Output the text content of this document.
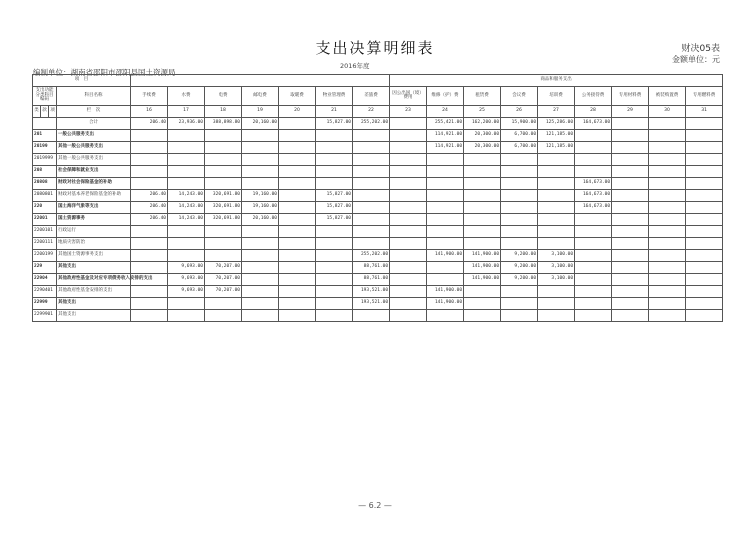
支出决算明细表	财决05表
金额单位：元
编制单位：湖南省邵阳市邵阳县国土资源局
2016年度
项　目											商品和服务支出								
支出功能分类科目编码			科目名称	手续费	水费	电费	邮电费	取暖费	物业管理费	差旅费	因公出国（境）费用	维修（护）费	租赁费	会议费	培训费	公务接待费	专用材料费	被装购置费	专用燃料费
类	款	项	栏　次	16	17	18	19	20	21	22	23	24	25	26	27	28	29	30	31
			合计	206.40	23,936.00	388,898.80	20,160.00		15,827.00	255,202.00		255,421.00	162,200.00	15,900.00	125,286.00	164,673.00			
201			一般公共服务支出									114,921.00	20,300.00	6,700.00	121,185.00				
20199			其他一般公共服务支出									114,921.00	20,300.00	6,700.00	121,185.00				
2019999			其他一般公共服务支出																
208			社会保障和就业支出																
20808			财政对社会保险基金的补助													164,673.00			
2080801			财政对基本养老保险基金的补助	206.40	14,243.00	320,691.80	19,160.00		15,827.00							164,673.00			
220			国土海洋气象等支出	206.40	14,243.00	320,691.80	19,160.00		15,827.00							164,673.00			
22001			国土资源事务	206.40	14,243.00	320,691.80	20,160.00		15,827.00										
2200101			行政运行																
2200111			地质灾害防治																
2200199			其他国土资源事务支出							255,202.00		141,900.00	141,900.00	9,200.00	3,100.00				
229			其他支出		9,693.00	70,207.00				88,761.00			141,900.00	9,200.00	3,100.00				
22904			其他政府性基金及对应专项债务收入安排的支出		9,693.00	70,207.00				88,761.00			141,900.00	9,200.00	3,100.00				
2290401			其他政府性基金安排的支出		9,693.00	70,207.00				193,521.00		141,900.00							
22999			其他支出							193,521.00		141,900.00							
2299901			其他支出																
— 6.2 —
